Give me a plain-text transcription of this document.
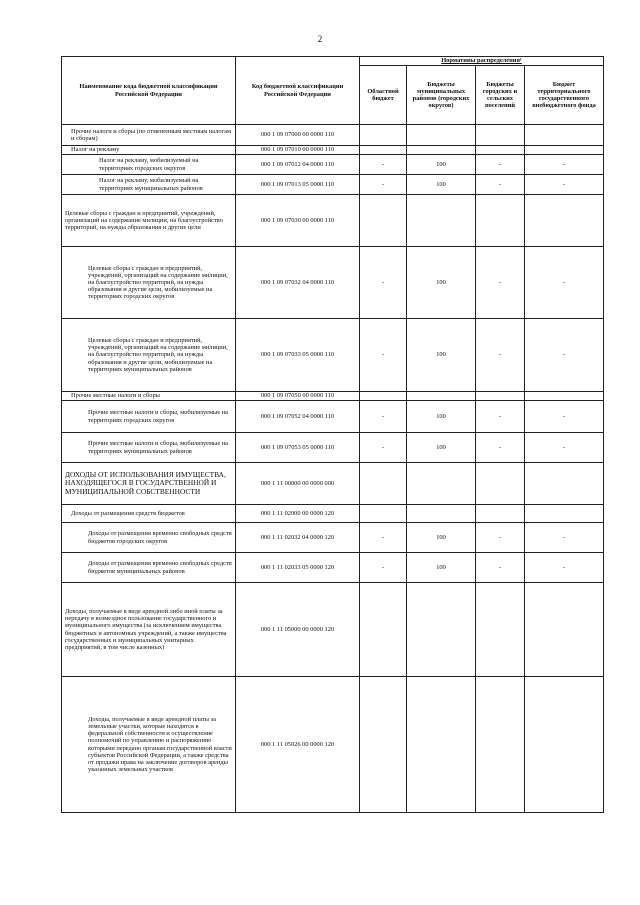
2
Наименование кода бюджетной классификации Российской Федерации	Код бюджетной классификации Российской Федерации	Нормативы распределения¹			
		Областной бюджет	Бюджеты муниципальных районов (городских округов)	Бюджеты городских и сельских поселений	Бюджет территориального государственного внебюджетного фонда
Прочие налоги и сборы (по отмененным местным налогам и сборам)	000 1 09 07000 00 0000 110				
Налог на рекламу	000 1 09 07010 00 0000 110				
Налог на рекламу, мобилизуемый на территориях городских округов	000 1 09 07012 04 0000 110	-	100	-	-
Налог на рекламу, мобилизуемый на территориях муниципальных районов	000 1 09 07013 05 0000 110	-	100	-	-
Целевые сборы с граждан и предприятий, учреждений, организаций на содержание милиции, на благоустройство территорий, на нужды образования и другие цели	000 1 09 07030 00 0000 110				
Целевые сборы с граждан и предприятий, учреждений, организаций на содержание милиции, на благоустройство территорий, на нужды образования и другие цели, мобилизуемые на территориях городских округов	000 1 09 07032 04 0000 110	-	100	-	-
Целевые сборы с граждан и предприятий, учреждений, организаций на содержание милиции, на благоустройство территорий, на нужды образования и другие цели, мобилизуемые на территориях муниципальных районов	000 1 09 07033 05 0000 110	-	100	-	-
Прочие местные налоги и сборы	000 1 09 07050 00 0000 110				
Прочие местные налоги и сборы, мобилизуемые на территориях городских округов	000 1 09 07052 04 0000 110	-	100	-	-
Прочие местные налоги и сборы, мобилизуемые на территориях муниципальных районов	000 1 09 07053 05 0000 110	-	100	-	-
ДОХОДЫ ОТ ИСПОЛЬЗОВАНИЯ ИМУЩЕСТВА, НАХОДЯЩЕГОСЯ В ГОСУДАРСТВЕННОЙ И МУНИЦИПАЛЬНОЙ СОБСТВЕННОСТИ	000 1 11 00000 00 0000 000				
Доходы от размещения средств бюджетов	000 1 11 02000 00 0000 120				
Доходы от размещения временно свободных средств бюджетов городских округов	000 1 11 02032 04 0000 120	-	100	-	-
Доходы от размещения временно свободных средств бюджетов муниципальных районов	000 1 11 02033 05 0000 120	-	100	-	-
Доходы, получаемые в виде арендной либо иной платы за передачу в возмездное пользование государственного и муниципального имущества (за исключением имущества бюджетных и автономных учреждений, а также имущества государственных и муниципальных унитарных предприятий, в том числе казенных)	000 1 11 05000 00 0000 120				
Доходы, получаемые в виде арендной платы за земельные участки, которые находятся в федеральной собственности и осуществление полномочий по управлению и распоряжению которыми передано органам государственной власти субъектов Российской Федерации, а также средства от продажи права на заключение договоров аренды указанных земельных участков	000 1 11 05026 00 0000 120				
